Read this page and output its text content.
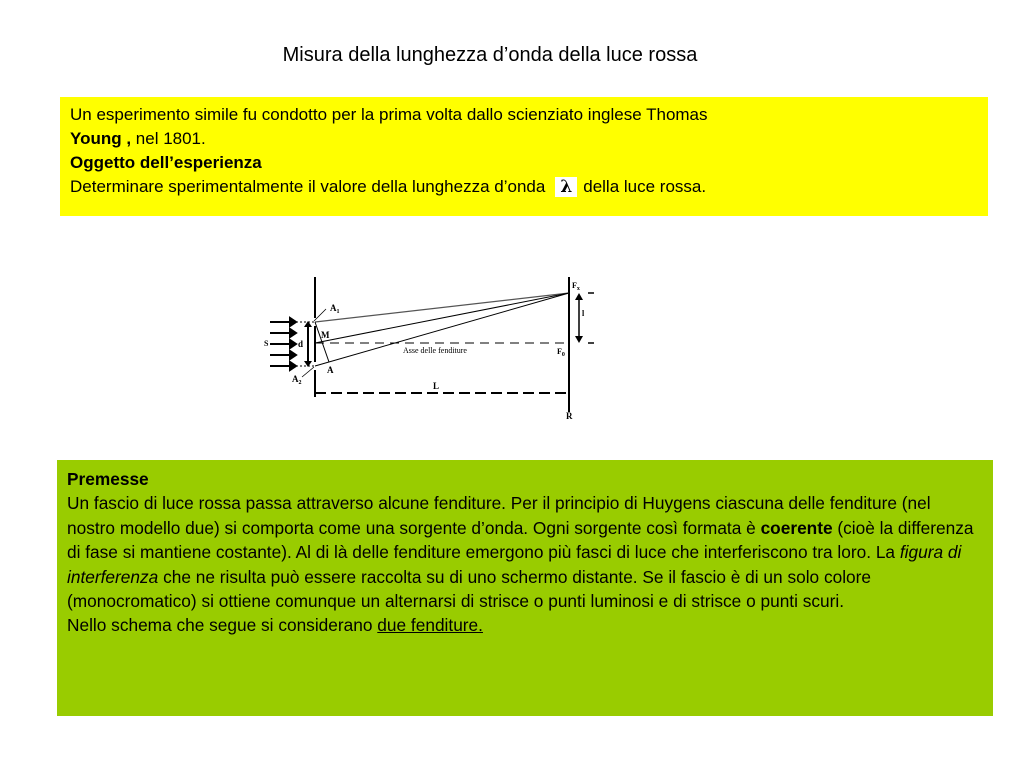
Misura della lunghezza d’onda della luce rossa
Un esperimento simile fu condotto per la prima volta dallo scienziato inglese Thomas
Young , nel 1801.
Oggetto dell’esperienza
Determinare sperimentalmente il valore della lunghezza d’onda λ della luce rossa.
$A_1$
$A_2$
M
A
d
S
$F_x$
l
$F_0$
Asse delle fenditure
L
R
Premesse
Un fascio di luce rossa passa attraverso alcune fenditure. Per il principio di Huygens ciascuna delle fenditure (nel nostro modello due) si comporta come una sorgente d’onda. Ogni sorgente così formata è coerente (cioè la differenza di fase si mantiene costante). Al di là delle fenditure emergono più fasci di luce che interferiscono tra loro. La figura di interferenza che ne risulta può essere raccolta su di uno schermo distante. Se il fascio è di un solo colore (monocromatico) si ottiene comunque un alternarsi di strisce o punti luminosi e di strisce o punti scuri.
Nello schema che segue si considerano due fenditure.
